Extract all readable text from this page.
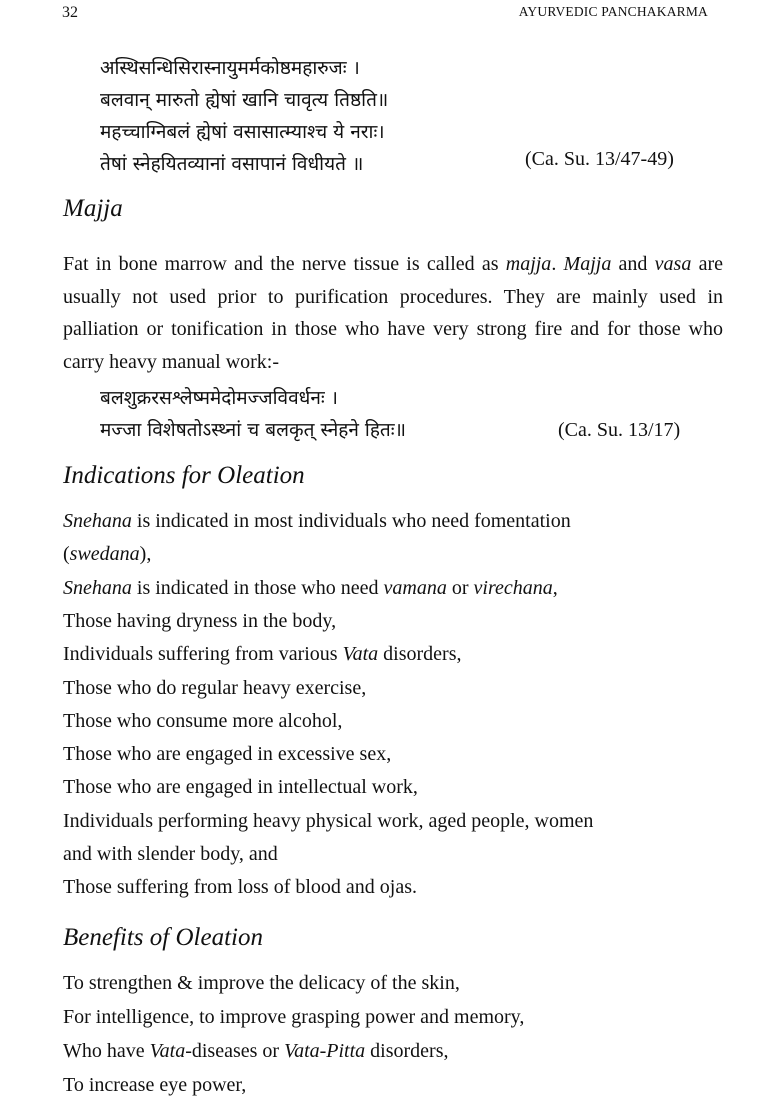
32	AYURVEDIC PANCHAKARMA
अस्थिसन्धिसिरास्नायुमर्मकोष्ठमहारुजः ।
बलवान् मारुतो ह्येषां खानि चावृत्य तिष्ठति॥
महच्चाग्निबलं ह्येषां वसासात्म्याश्च ये नराः।
तेषां स्नेहयितव्यानां वसापानं विधीयते ॥	(Ca. Su. 13/47-49)
Majja
Fat in bone marrow and the nerve tissue is called as majja. Majja and vasa are usually not used prior to purification procedures. They are mainly used in palliation or tonification in those who have very strong fire and for those who carry heavy manual work:-
बलशुक्ररसश्लेष्ममेदोमज्जविवर्धनः ।
मज्जा विशेषतोऽस्थ्नां च बलकृत् स्नेहने हितः॥	(Ca. Su. 13/17)
Indications for Oleation
Benefits of Oleation
Snehana is indicated in most individuals who need fomentation
(swedana),
Snehana is indicated in those who need vamana or virechana,
Those having dryness in the body,
Individuals suffering from various Vata disorders,
Those who do regular heavy exercise,
Those who consume more alcohol,
Those who are engaged in excessive sex,
Those who are engaged in intellectual work,
Individuals performing heavy physical work, aged people, women
and with slender body, and
Those suffering from loss of blood and ojas.
To strengthen & improve the delicacy of the skin,
For intelligence, to improve grasping power and memory,
Who have Vata-diseases or Vata-Pitta disorders,
To increase eye power,
